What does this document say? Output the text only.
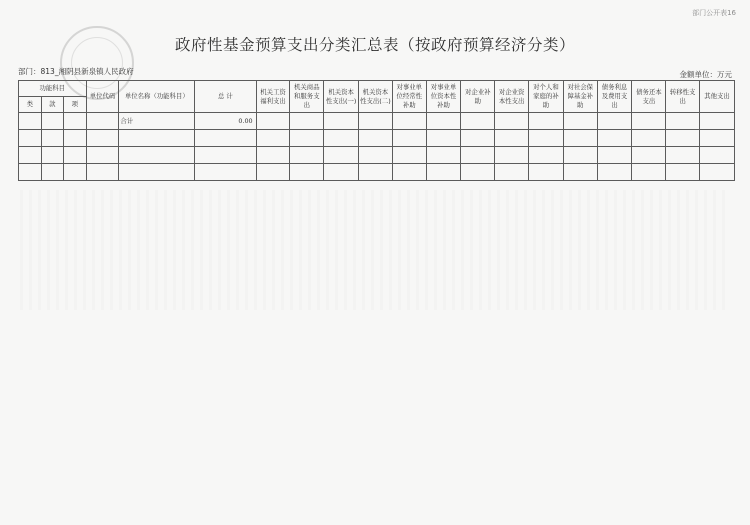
部门公开表16
政府性基金预算支出分类汇总表（按政府预算经济分类）
部门：813_湘阴县新泉镇人民政府	金额单位：万元
功能科目			单位代码	单位名称（功能科目）	总 计	机关工资福利支出	机关商品和服务支出	机关资本性支出(一)	机关资本性支出(二)	对事业单位经常性补助	对事业单位资本性补助	对企业补助	对企业资本性支出	对个人和家庭的补助	对社会保障基金补助	债务利息及费用支出	债务还本支出	转移性支出	其他支出
类	款	项																	
				合计	0.00														
